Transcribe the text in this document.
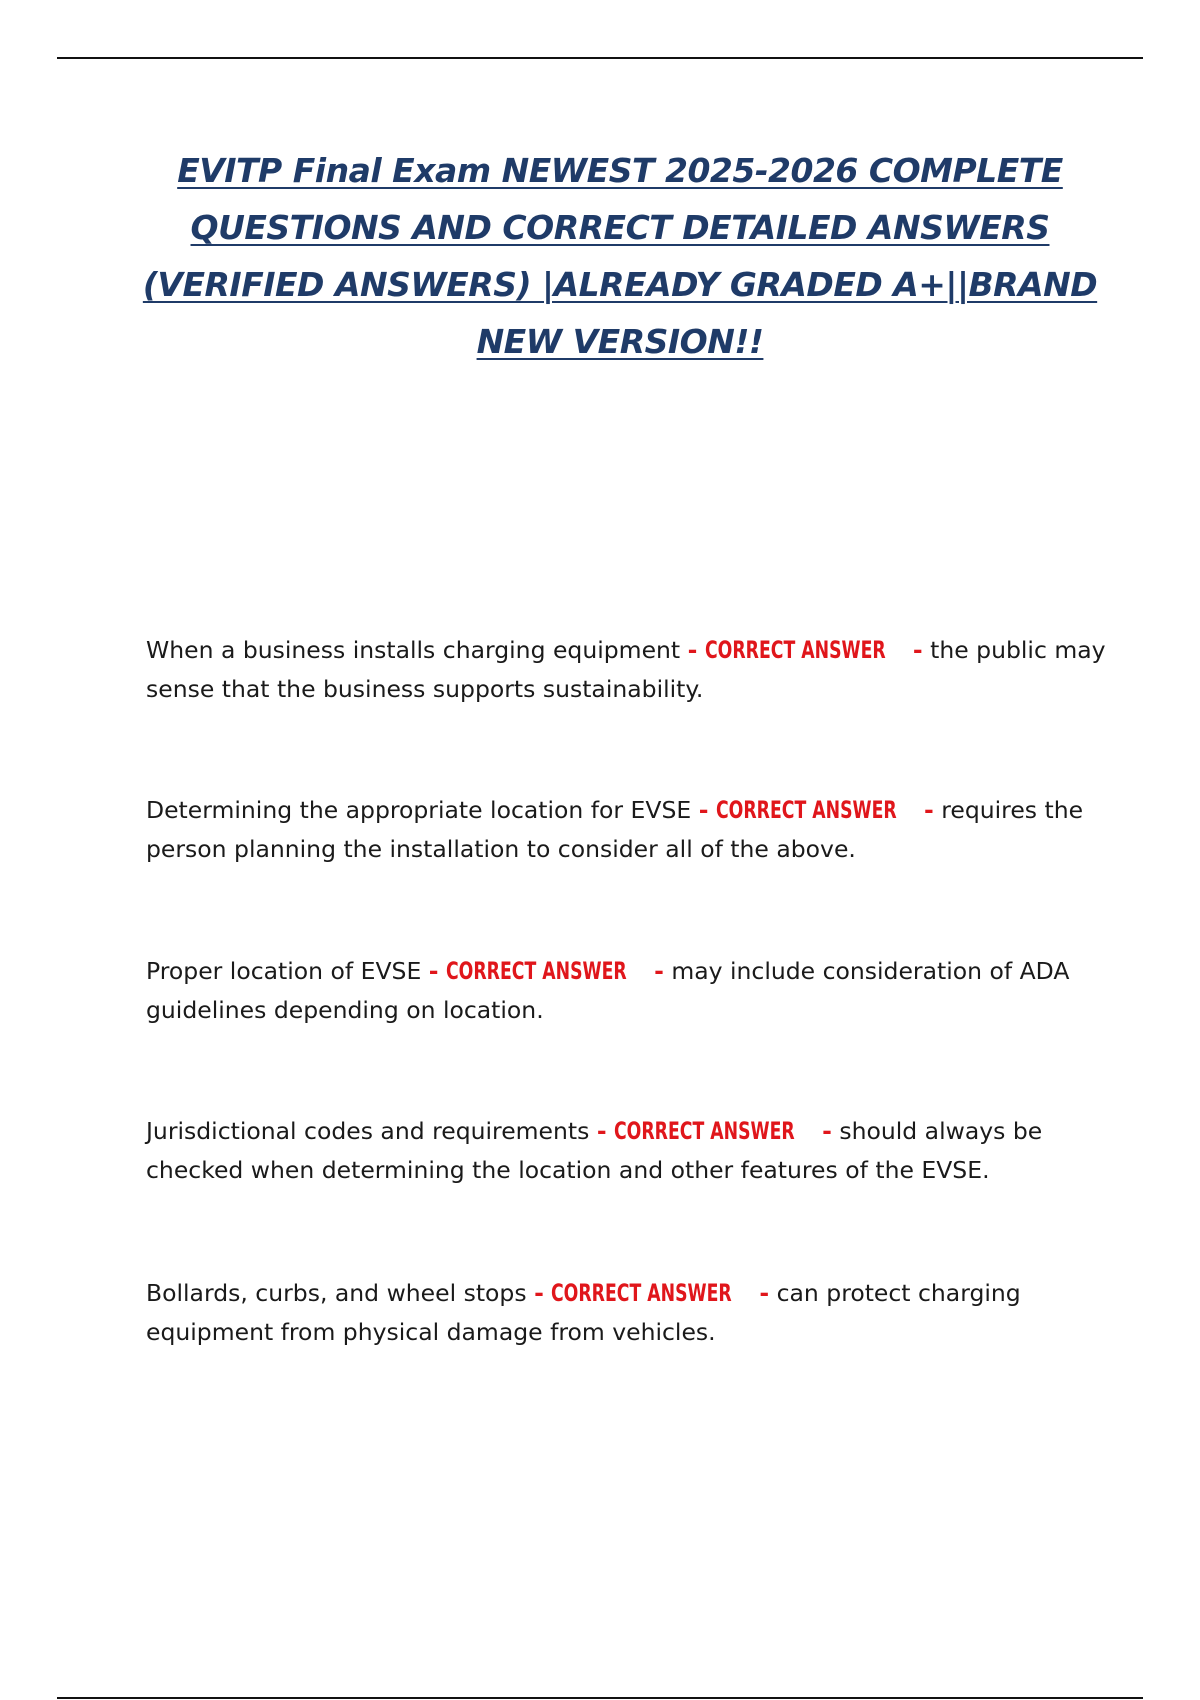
EVITP Final Exam NEWEST 2025-2026 COMPLETE
QUESTIONS AND CORRECT DETAILED ANSWERS
(VERIFIED ANSWERS) |ALREADY GRADED A+||BRAND
NEW VERSION!!

When a business installs charging equipment - CORRECT ANSWER - the public may sense that the business supports sustainability.

Determining the appropriate location for EVSE - CORRECT ANSWER - requires the person planning the installation to consider all of the above.

Proper location of EVSE - CORRECT ANSWER - may include consideration of ADA guidelines depending on location.

Jurisdictional codes and requirements - CORRECT ANSWER - should always be checked when determining the location and other features of the EVSE.

Bollards, curbs, and wheel stops - CORRECT ANSWER - can protect charging equipment from physical damage from vehicles.
